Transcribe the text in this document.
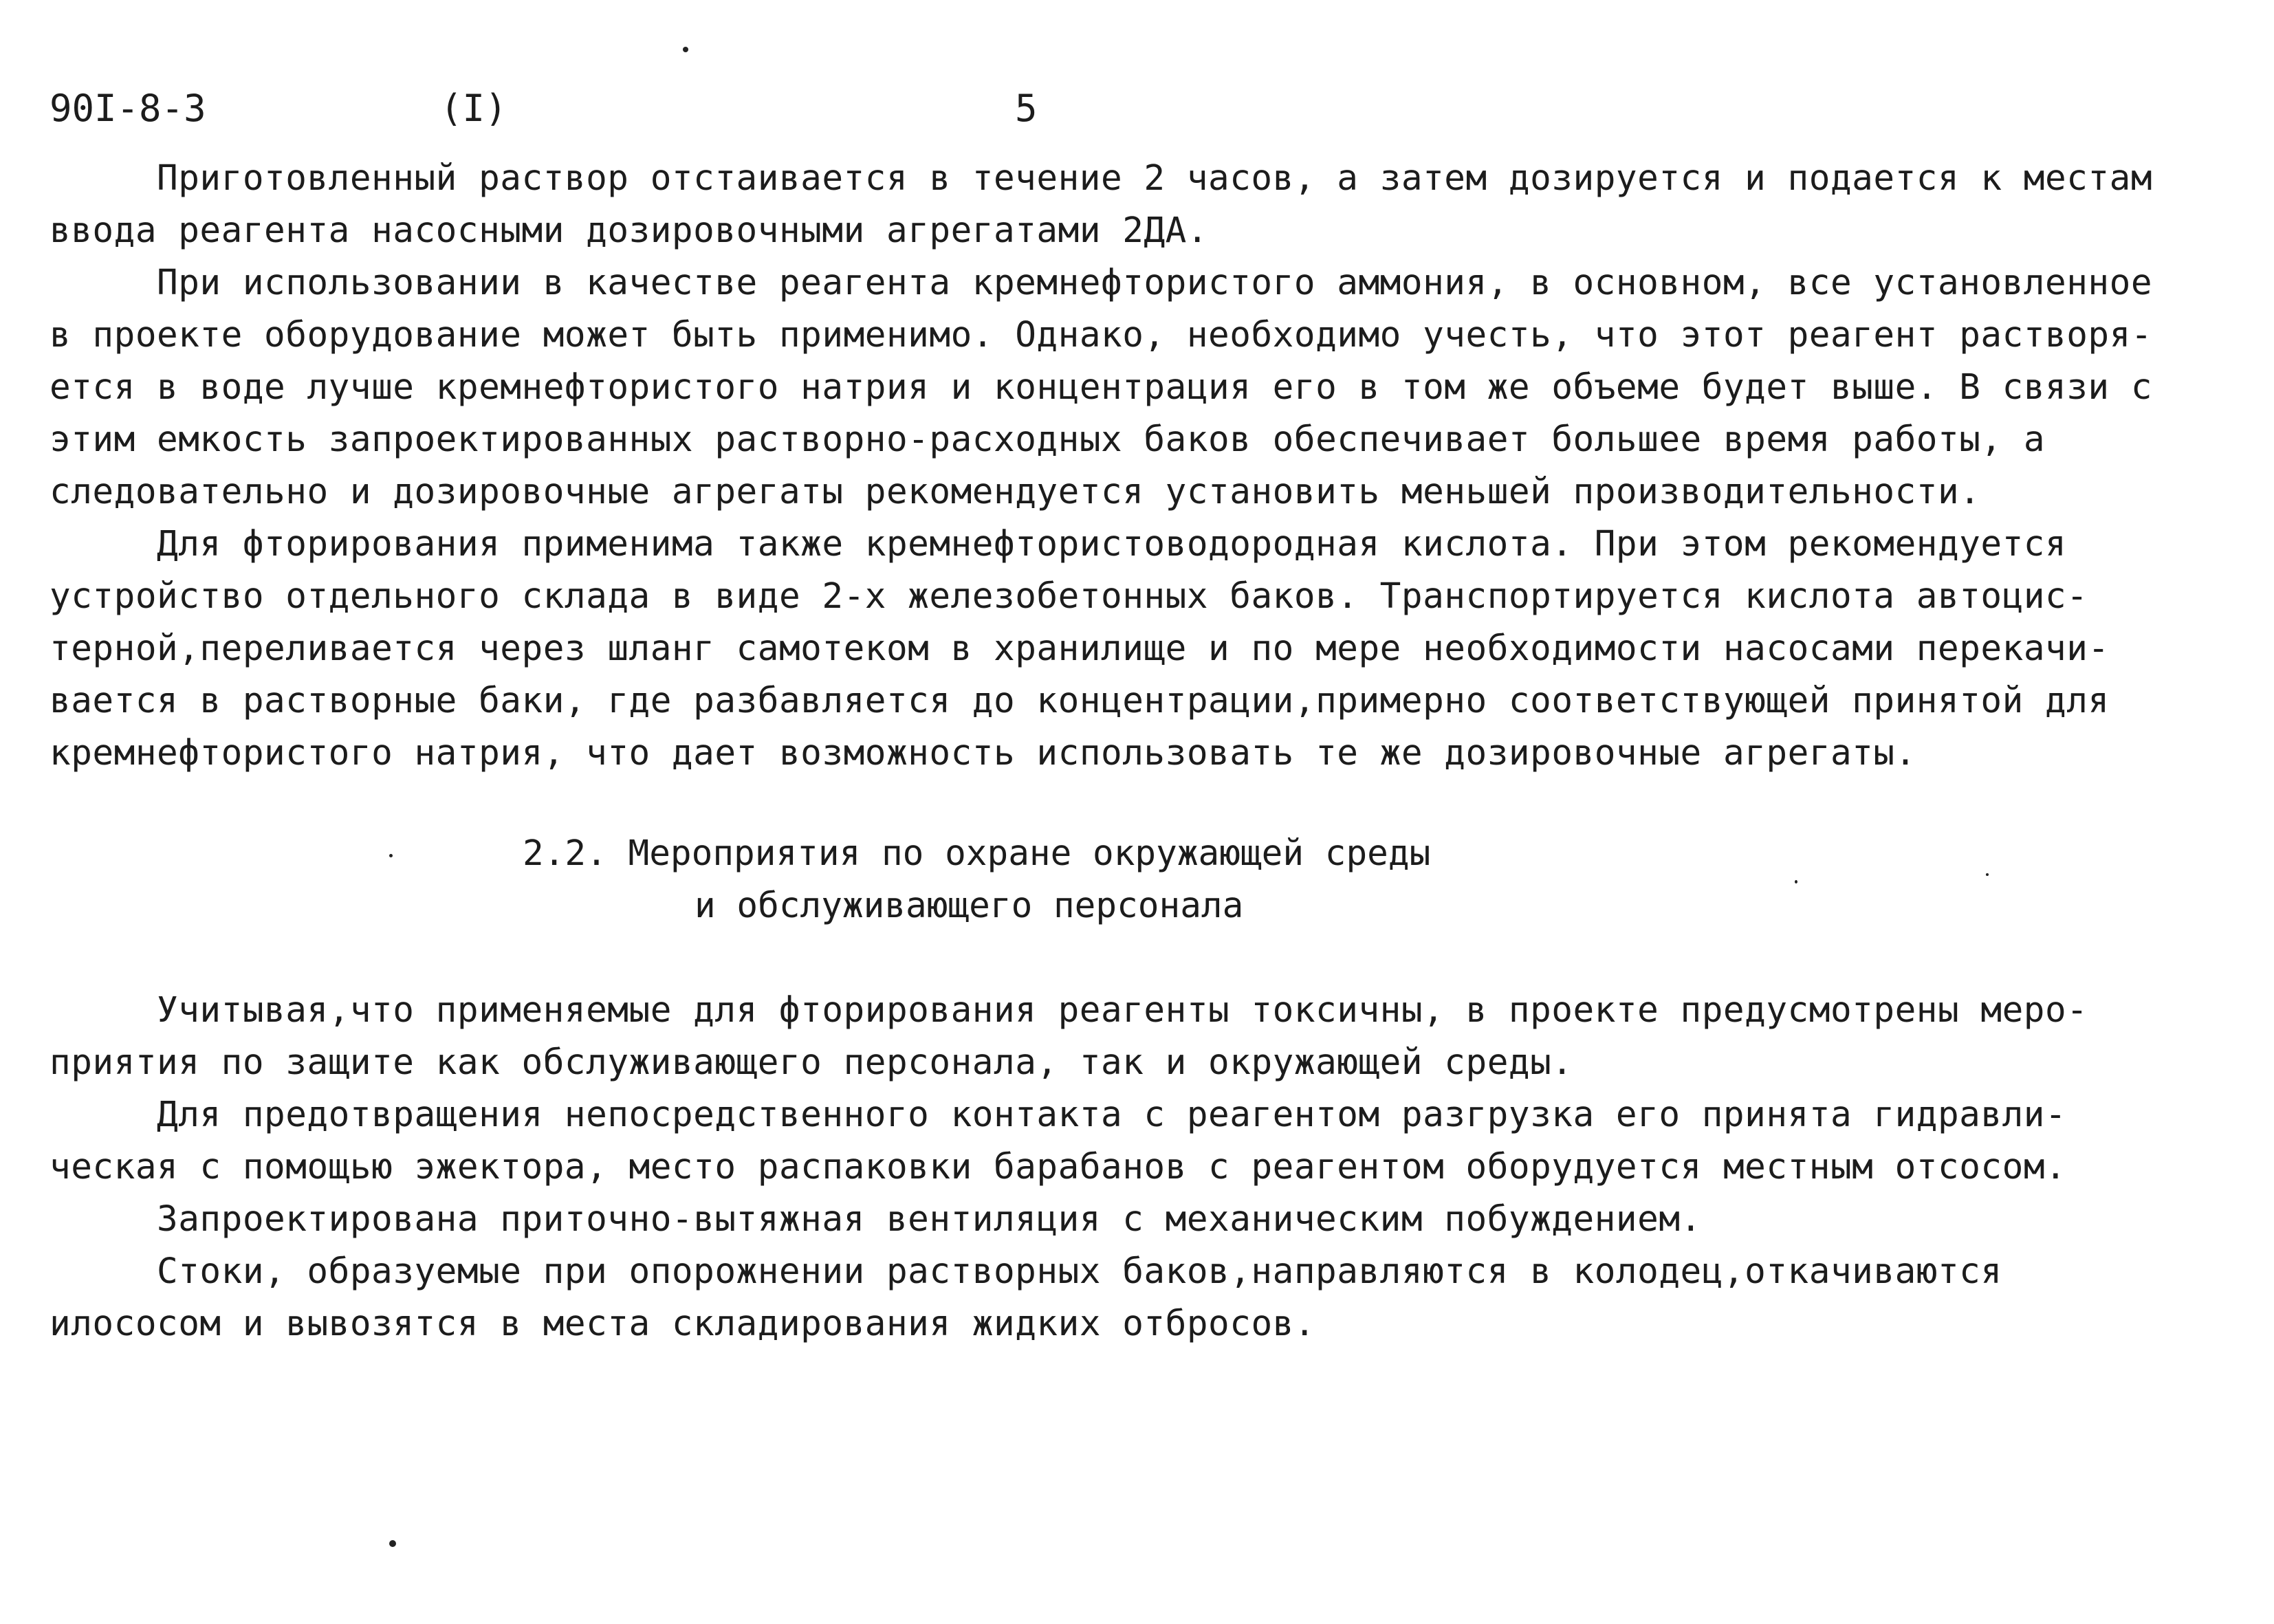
90I-8-3	(I)	5
Приготовленный раствор отстаивается в течение 2 часов, а затем дозируется и подается к местам
ввода реагента насосными дозировочными агрегатами 2ДА.
При использовании в качестве реагента кремнефтористого аммония, в основном, все установленное
в проекте оборудование может быть применимо. Однако, необходимо учесть, что этот реагент растворя-
ется в воде лучше кремнефтористого натрия и концентрация его в том же объеме будет выше. В связи с
этим емкость запроектированных растворно-расходных баков обеспечивает большее время работы, а
следовательно и дозировочные агрегаты рекомендуется установить меньшей производительности.
Для фторирования применима также кремнефтористоводородная кислота. При этом рекомендуется
устройство отдельного склада в виде 2-х железобетонных баков. Транспортируется кислота автоцис-
терной,переливается через шланг самотеком в хранилище и по мере необходимости насосами перекачи-
вается в растворные баки, где разбавляется до концентрации,примерно соответствующей принятой для
кремнефтористого натрия, что дает возможность использовать те же дозировочные агрегаты.
2.2. Мероприятия по охране окружающей среды
и обслуживающего персонала
Учитывая,что применяемые для фторирования реагенты токсичны, в проекте предусмотрены меро-
приятия по защите как обслуживающего персонала, так и окружающей среды.
Для предотвращения непосредственного контакта с реагентом разгрузка его принята гидравли-
ческая с помощью эжектора, место распаковки барабанов с реагентом оборудуется местным отсосом.
Запроектирована приточно-вытяжная вентиляция с механическим побуждением.
Стоки, образуемые при опорожнении растворных баков,направляются в колодец,откачиваются
илососом и вывозятся в места складирования жидких отбросов.
